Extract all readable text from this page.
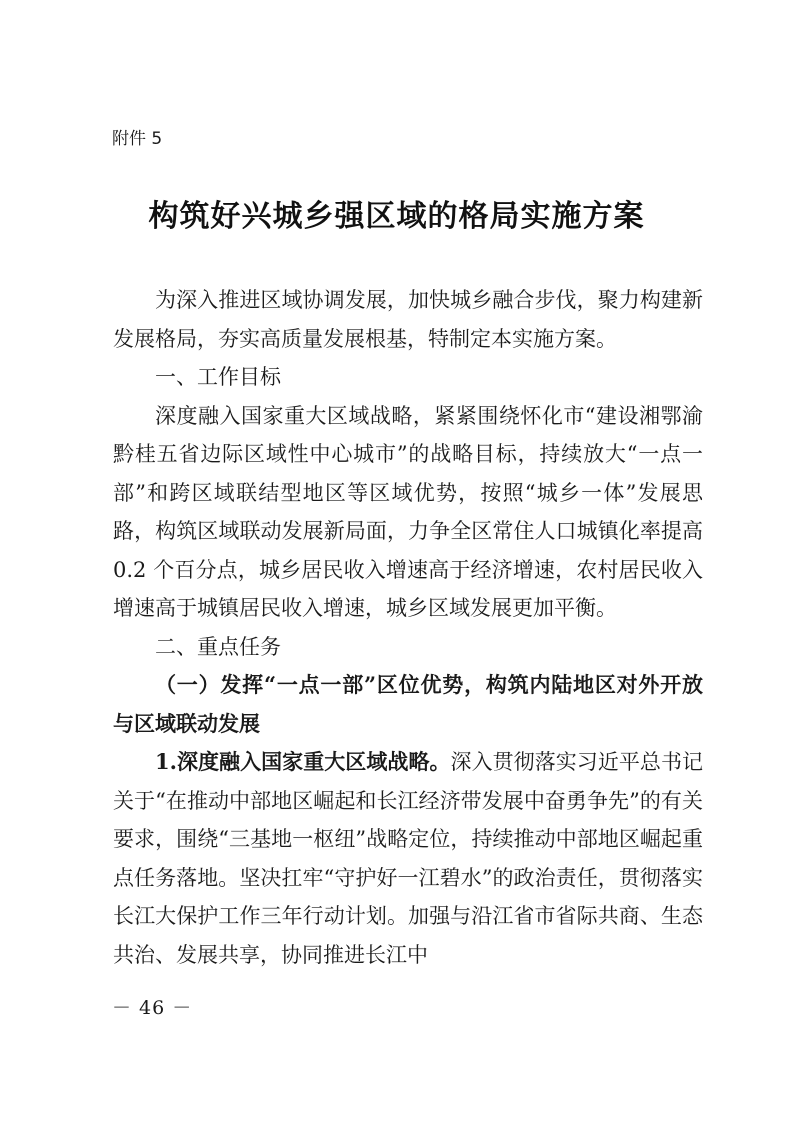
附件 5
构筑好兴城乡强区域的格局实施方案

为深入推进区域协调发展，加快城乡融合步伐，聚力构建新发展格局，夯实高质量发展根基，特制定本实施方案。

一、工作目标

深度融入国家重大区域战略，紧紧围绕怀化市“建设湘鄂渝黔桂五省边际区域性中心城市”的战略目标，持续放大“一点一部”和跨区域联结型地区等区域优势，按照“城乡一体”发展思路，构筑区域联动发展新局面，力争全区常住人口城镇化率提高0.2 个百分点，城乡居民收入增速高于经济增速，农村居民收入增速高于城镇居民收入增速，城乡区域发展更加平衡。

二、重点任务

（一）发挥“一点一部”区位优势，构筑内陆地区对外开放与区域联动发展

1.深度融入国家重大区域战略。深入贯彻落实习近平总书记关于“在推动中部地区崛起和长江经济带发展中奋勇争先”的有关要求，围绕“三基地一枢纽”战略定位，持续推动中部地区崛起重点任务落地。坚决扛牢“守护好一江碧水”的政治责任，贯彻落实长江大保护工作三年行动计划。加强与沿江省市省际共商、生态共治、发展共享，协同推进长江中

－ 46 －
